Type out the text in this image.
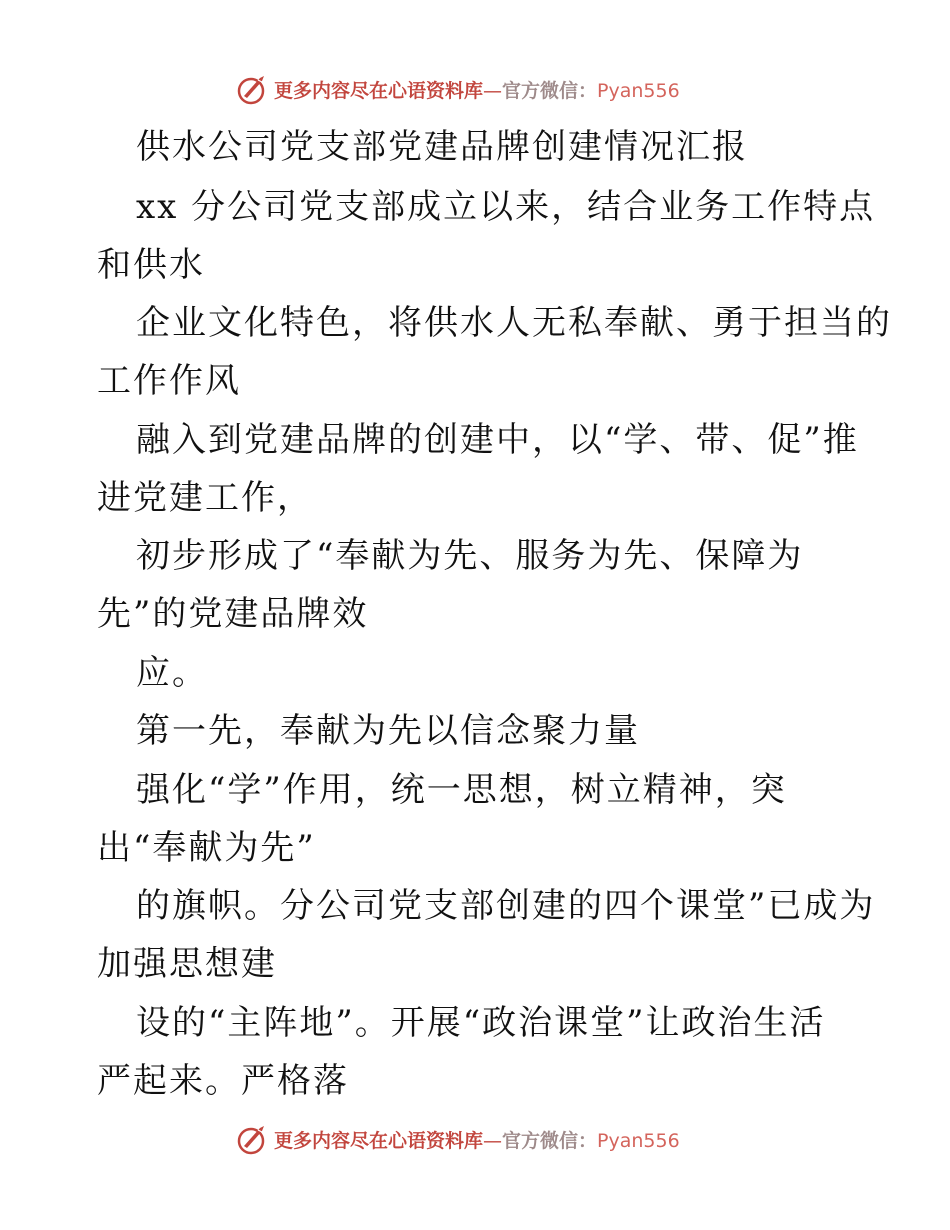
更多内容尽在心语资料库—官方微信：Pyan556
供水公司党支部党建品牌创建情况汇报
xx 分公司党支部成立以来，结合业务工作特点
和供水
企业文化特色，将供水人无私奉献、勇于担当的
工作作风
融入到党建品牌的创建中，以“学、带、促”推
进党建工作，
初步形成了“奉献为先、服务为先、保障为
先”的党建品牌效
应。
第一先，奉献为先以信念聚力量
强化“学”作用，统一思想，树立精神，突
出“奉献为先”
的旗帜。分公司党支部创建的四个课堂”已成为
加强思想建
设的“主阵地”。开展“政治课堂”让政治生活
严起来。严格落
更多内容尽在心语资料库—官方微信：Pyan556
